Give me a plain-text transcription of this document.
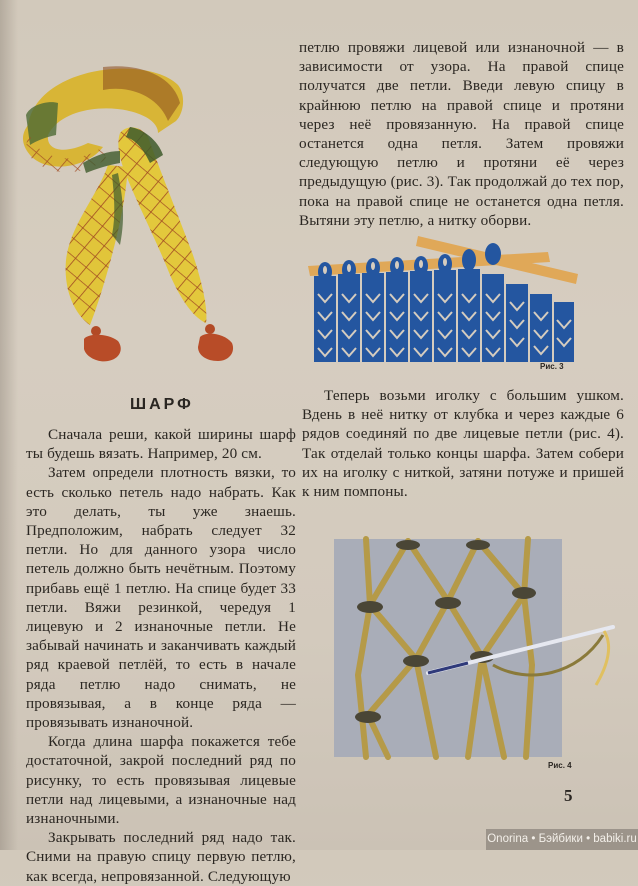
петлю провяжи лицевой или изнаночной — в зависимости от узора. На правой спице получатся две петли. Введи левую спицу в крайнюю петлю на правой спице и протяни через неё провязанную. На правой спице останется одна петля. Затем провяжи следующую петлю и протяни её через предыдущую (рис. 3). Так продолжай до тех пор, пока на правой спице не останется одна петля. Вытяни эту петлю, а нитку оборви.

Рис. 3

Теперь возьми иголку с большим ушком. Вдень в неё нитку от клубка и через каждые 6 рядов соединяй по две лицевые петли (рис. 4). Так отделай только концы шарфа. Затем собери их на иголку с ниткой, затяни потуже и пришей к ним помпоны.

ШАРФ

Сначала реши, какой ширины шарф ты будешь вязать. Например, 20 см.

Затем определи плотность вязки, то есть сколько петель надо набрать. Как это делать, ты уже знаешь. Предположим, набрать следует 32 петли. Но для данного узора число петель должно быть нечётным. Поэтому прибавь ещё 1 петлю. На спице будет 33 петли. Вяжи резинкой, чередуя 1 лицевую и 2 изнаночные петли. Не забывай начинать и заканчивать каждый ряд краевой петлёй, то есть в начале ряда петлю надо снимать, не провязывая, а в конце ряда — провязывать изнаночной.

Когда длина шарфа покажется тебе достаточной, закрой последний ряд по рисунку, то есть провязывая лицевые петли над лицевыми, а изнаночные над изнаночными.

Закрывать последний ряд надо так. Сними на правую спицу первую петлю, как всегда, непровязанной. Следующую

Рис. 4
5
Onorina • Бэйбики • babiki.ru
